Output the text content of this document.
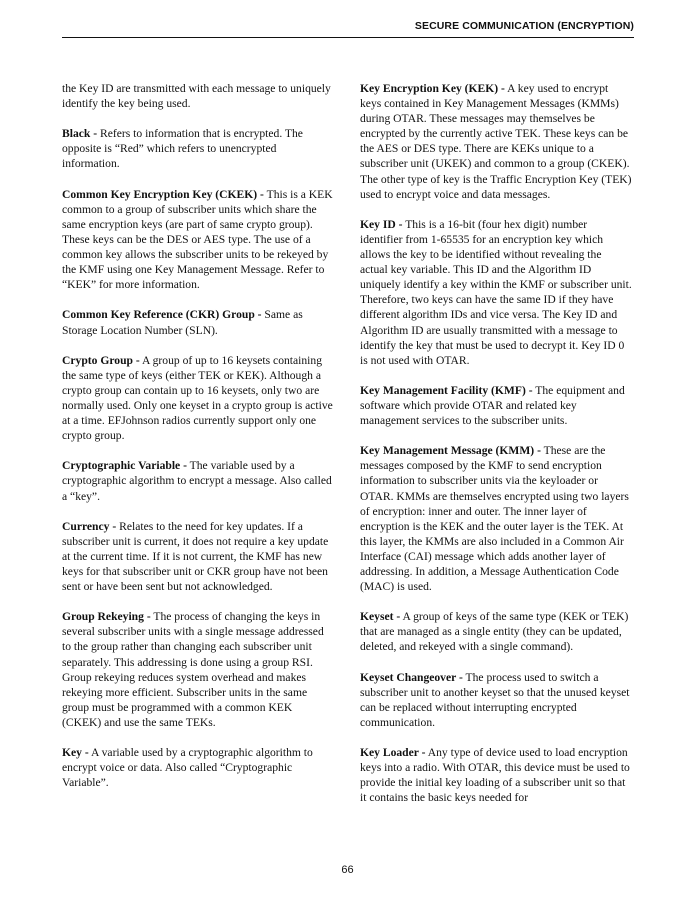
SECURE COMMUNICATION (ENCRYPTION)

the Key ID are transmitted with each message to uniquely identify the key being used.

Black - Refers to information that is encrypted. The opposite is “Red” which refers to unencrypted information.

Common Key Encryption Key (CKEK) - This is a KEK common to a group of subscriber units which share the same encryption keys (are part of same crypto group). These keys can be the DES or AES type. The use of a common key allows the subscriber units to be rekeyed by the KMF using one Key Management Message. Refer to “KEK” for more information.

Common Key Reference (CKR) Group - Same as Storage Location Number (SLN).

Crypto Group - A group of up to 16 keysets containing the same type of keys (either TEK or KEK). Although a crypto group can contain up to 16 keysets, only two are normally used. Only one keyset in a crypto group is active at a time. EFJohnson radios currently support only one crypto group.

Cryptographic Variable - The variable used by a cryptographic algorithm to encrypt a message. Also called a “key”.

Currency - Relates to the need for key updates. If a subscriber unit is current, it does not require a key update at the current time. If it is not current, the KMF has new keys for that subscriber unit or CKR group have not been sent or have been sent but not acknowledged.

Group Rekeying - The process of changing the keys in several subscriber units with a single message addressed to the group rather than changing each subscriber unit separately. This addressing is done using a group RSI. Group rekeying reduces system overhead and makes rekeying more efficient. Subscriber units in the same group must be programmed with a common KEK (CKEK) and use the same TEKs.

Key - A variable used by a cryptographic algorithm to encrypt voice or data. Also called “Cryptographic Variable”.

Key Encryption Key (KEK) - A key used to encrypt keys contained in Key Management Messages (KMMs) during OTAR. These messages may themselves be encrypted by the currently active TEK. These keys can be the AES or DES type. There are KEKs unique to a subscriber unit (UKEK) and common to a group (CKEK). The other type of key is the Traffic Encryption Key (TEK) used to encrypt voice and data messages.

Key ID - This is a 16-bit (four hex digit) number identifier from 1-65535 for an encryption key which allows the key to be identified without revealing the actual key variable. This ID and the Algorithm ID uniquely identify a key within the KMF or subscriber unit. Therefore, two keys can have the same ID if they have different algorithm IDs and vice versa. The Key ID and Algorithm ID are usually transmitted with a message to identify the key that must be used to decrypt it. Key ID 0 is not used with OTAR.

Key Management Facility (KMF) - The equipment and software which provide OTAR and related key management services to the subscriber units.

Key Management Message (KMM) - These are the messages composed by the KMF to send encryption information to subscriber units via the keyloader or OTAR. KMMs are themselves encrypted using two layers of encryption: inner and outer. The inner layer of encryption is the KEK and the outer layer is the TEK. At this layer, the KMMs are also included in a Common Air Interface (CAI) message which adds another layer of addressing. In addition, a Message Authentication Code (MAC) is used.

Keyset - A group of keys of the same type (KEK or TEK) that are managed as a single entity (they can be updated, deleted, and rekeyed with a single command).

Keyset Changeover - The process used to switch a subscriber unit to another keyset so that the unused keyset can be replaced without interrupting encrypted communication.

Key Loader - Any type of device used to load encryption keys into a radio. With OTAR, this device must be used to provide the initial key loading of a subscriber unit so that it contains the basic keys needed for

66
